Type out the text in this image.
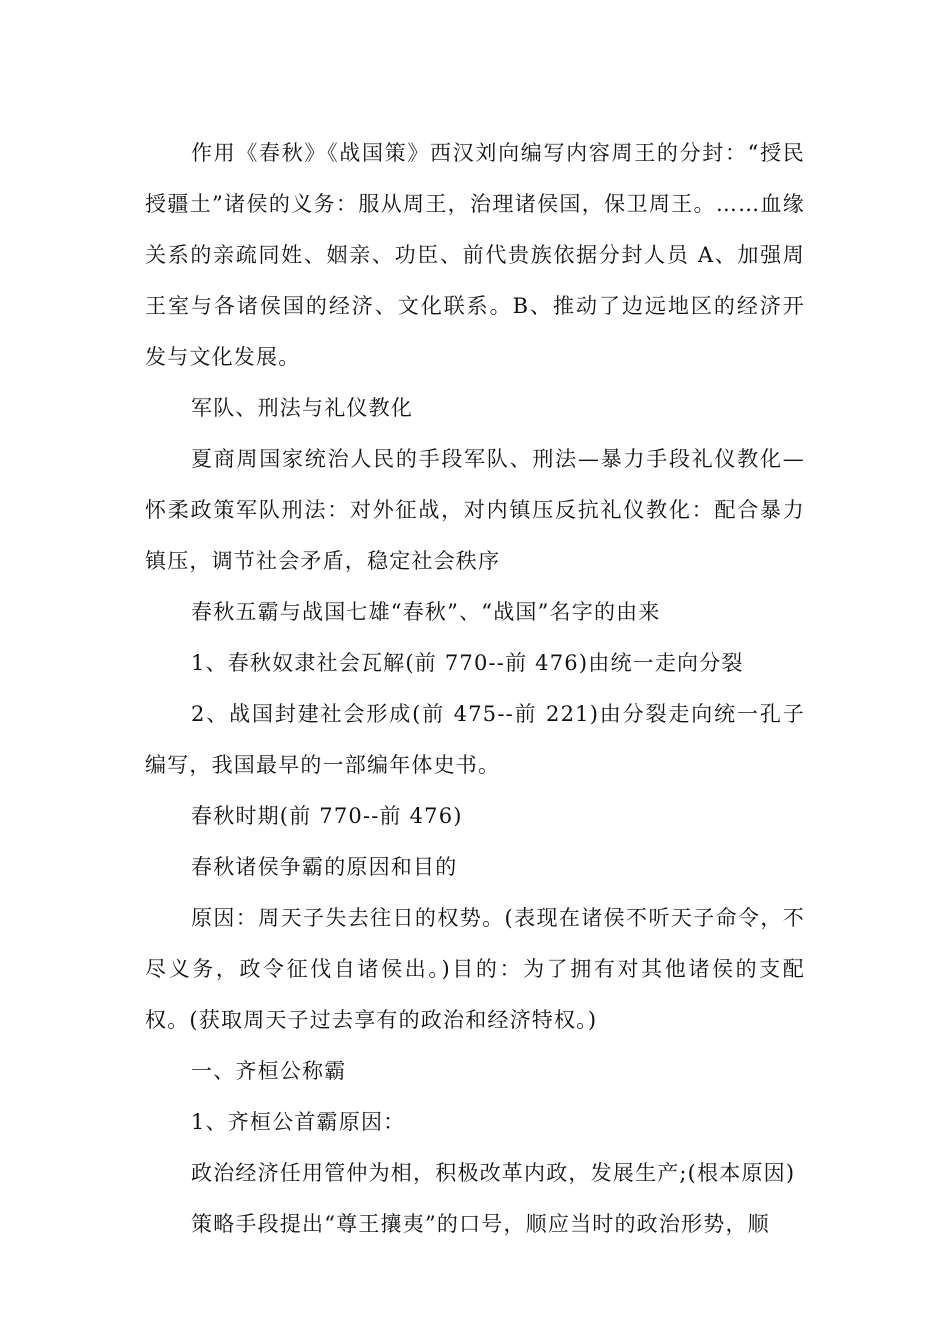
作用《春秋》《战国策》西汉刘向编写内容周王的分封：“授民授疆土”诸侯的义务：服从周王，治理诸侯国，保卫周王。……血缘关系的亲疏同姓、姻亲、功臣、前代贵族依据分封人员 A、加强周王室与各诸侯国的经济、文化联系。B、推动了边远地区的经济开发与文化发展。

军队、刑法与礼仪教化

夏商周国家统治人民的手段军队、刑法—暴力手段礼仪教化—怀柔政策军队刑法：对外征战，对内镇压反抗礼仪教化：配合暴力镇压，调节社会矛盾，稳定社会秩序

春秋五霸与战国七雄“春秋”、“战国”名字的由来

1、春秋奴隶社会瓦解(前 770--前 476)由统一走向分裂

2、战国封建社会形成(前 475--前 221)由分裂走向统一孔子编写，我国最早的一部编年体史书。

春秋时期(前 770--前 476)

春秋诸侯争霸的原因和目的

原因：周天子失去往日的权势。(表现在诸侯不听天子命令，不尽义务，政令征伐自诸侯出。)目的：为了拥有对其他诸侯的支配权。(获取周天子过去享有的政治和经济特权。)

一、齐桓公称霸

1、齐桓公首霸原因：

政治经济任用管仲为相，积极改革内政，发展生产;(根本原因)

策略手段提出“尊王攘夷”的口号，顺应当时的政治形势，顺
